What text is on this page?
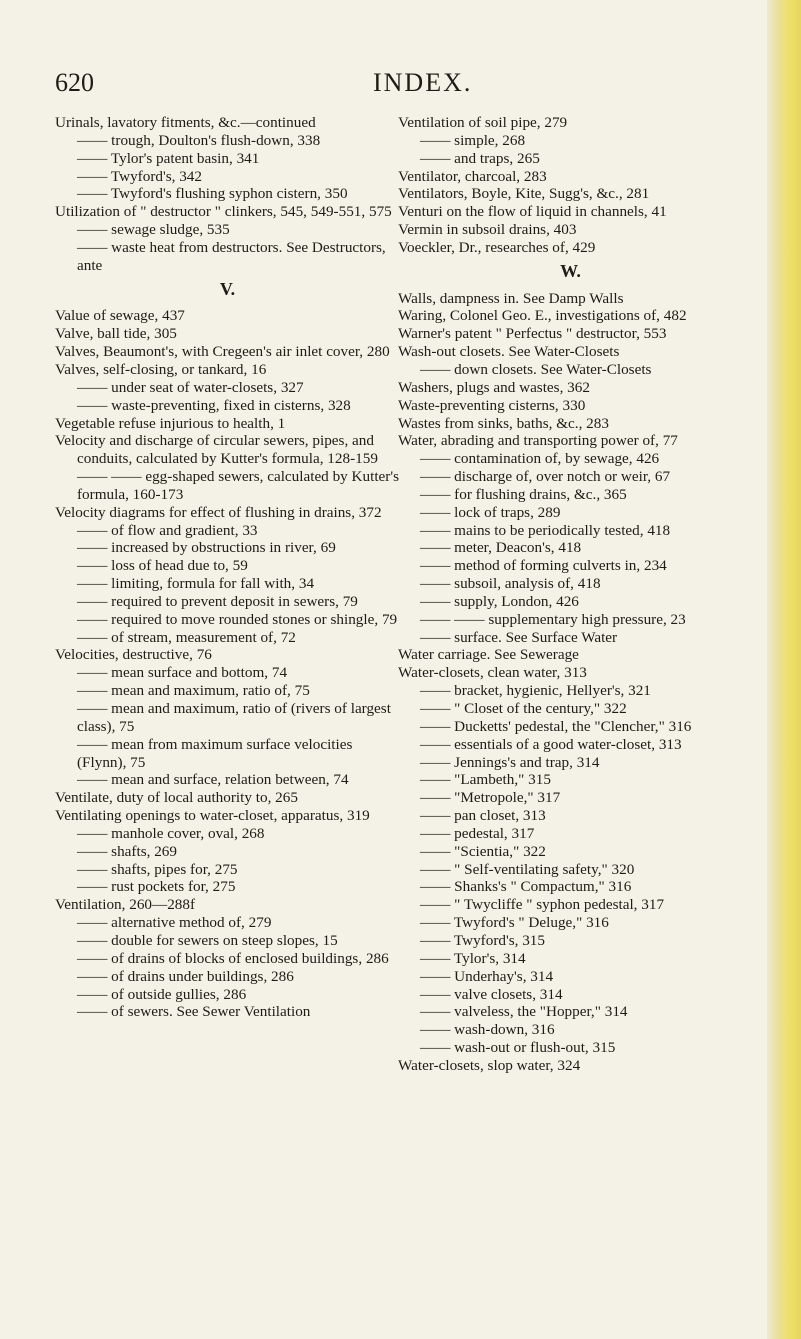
620	INDEX.
Urinals, lavatory fitments, &c.—continued
—— trough, Doulton's flush-down, 338
—— Tylor's patent basin, 341
—— Twyford's, 342
—— Twyford's flushing syphon cistern, 350
Utilization of " destructor " clinkers, 545, 549-551, 575
—— sewage sludge, 535
—— waste heat from destructors. See Destructors, ante
V.
Value of sewage, 437
Valve, ball tide, 305
Valves, Beaumont's, with Cregeen's air inlet cover, 280
Valves, self-closing, or tankard, 16
—— under seat of water-closets, 327
—— waste-preventing, fixed in cisterns, 328
Vegetable refuse injurious to health, 1
Velocity and discharge of circular sewers, pipes, and conduits, calculated by Kutter's formula, 128-159
—— —— egg-shaped sewers, calculated by Kutter's formula, 160-173
Velocity diagrams for effect of flushing in drains, 372
—— of flow and gradient, 33
—— increased by obstructions in river, 69
—— loss of head due to, 59
—— limiting, formula for fall with, 34
—— required to prevent deposit in sewers, 79
—— required to move rounded stones or shingle, 79
—— of stream, measurement of, 72
Velocities, destructive, 76
—— mean surface and bottom, 74
—— mean and maximum, ratio of, 75
—— mean and maximum, ratio of (rivers of largest class), 75
—— mean from maximum surface velocities (Flynn), 75
—— mean and surface, relation between, 74
Ventilate, duty of local authority to, 265
Ventilating openings to water-closet, apparatus, 319
—— manhole cover, oval, 268
—— shafts, 269
—— shafts, pipes for, 275
—— rust pockets for, 275
Ventilation, 260—288f
—— alternative method of, 279
—— double for sewers on steep slopes, 15
—— of drains of blocks of enclosed buildings, 286
—— of drains under buildings, 286
—— of outside gullies, 286
—— of sewers. See Sewer Ventilation
Ventilation of soil pipe, 279
—— simple, 268
—— and traps, 265
Ventilator, charcoal, 283
Ventilators, Boyle, Kite, Sugg's, &c., 281
Venturi on the flow of liquid in channels, 41
Vermin in subsoil drains, 403
Voeckler, Dr., researches of, 429
W.
Walls, dampness in. See Damp Walls
Waring, Colonel Geo. E., investigations of, 482
Warner's patent " Perfectus " destructor, 553
Wash-out closets. See Water-Closets
—— down closets. See Water-Closets
Washers, plugs and wastes, 362
Waste-preventing cisterns, 330
Wastes from sinks, baths, &c., 283
Water, abrading and transporting power of, 77
—— contamination of, by sewage, 426
—— discharge of, over notch or weir, 67
—— for flushing drains, &c., 365
—— lock of traps, 289
—— mains to be periodically tested, 418
—— meter, Deacon's, 418
—— method of forming culverts in, 234
—— subsoil, analysis of, 418
—— supply, London, 426
—— —— supplementary high pressure, 23
—— surface. See Surface Water
Water carriage. See Sewerage
Water-closets, clean water, 313
—— bracket, hygienic, Hellyer's, 321
—— " Closet of the century," 322
—— Ducketts' pedestal, the "Clencher," 316
—— essentials of a good water-closet, 313
—— Jennings's and trap, 314
—— "Lambeth," 315
—— "Metropole," 317
—— pan closet, 313
—— pedestal, 317
—— "Scientia," 322
—— " Self-ventilating safety," 320
—— Shanks's " Compactum," 316
—— " Twycliffe " syphon pedestal, 317
—— Twyford's " Deluge," 316
—— Twyford's, 315
—— Tylor's, 314
—— Underhay's, 314
—— valve closets, 314
—— valveless, the "Hopper," 314
—— wash-down, 316
—— wash-out or flush-out, 315
Water-closets, slop water, 324
